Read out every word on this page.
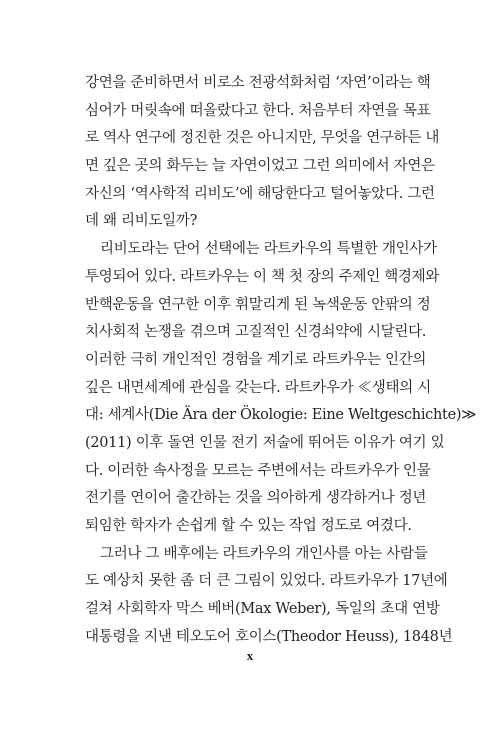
강연을 준비하면서 비로소 전광석화처럼 ‘자연’이라는 핵
심어가 머릿속에 떠올랐다고 한다. 처음부터 자연을 목표
로 역사 연구에 정진한 것은 아니지만, 무엇을 연구하든 내
면 깊은 곳의 화두는 늘 자연이었고 그런 의미에서 자연은
자신의 ‘역사학적 리비도’에 해당한다고 털어놓았다. 그런
데 왜 리비도일까?
리비도라는 단어 선택에는 라트카우의 특별한 개인사가
투영되어 있다. 라트카우는 이 책 첫 장의 주제인 핵경제와
반핵운동을 연구한 이후 휘말리게 된 녹색운동 안팎의 정
치사회적 논쟁을 겪으며 고질적인 신경쇠약에 시달린다.
이러한 극히 개인적인 경험을 계기로 라트카우는 인간의
깊은 내면세계에 관심을 갖는다. 라트카우가 ≪생태의 시
대: 세계사(Die Ära der Ökologie: Eine Weltgeschichte)≫
(2011) 이후 돌연 인물 전기 저술에 뛰어든 이유가 여기 있
다. 이러한 속사정을 모르는 주변에서는 라트카우가 인물
전기를 연이어 출간하는 것을 의아하게 생각하거나 정년
퇴임한 학자가 손쉽게 할 수 있는 작업 정도로 여겼다.
그러나 그 배후에는 라트카우의 개인사를 아는 사람들
도 예상치 못한 좀 더 큰 그림이 있었다. 라트카우가 17년에
걸쳐 사회학자 막스 베버(Max Weber), 독일의 초대 연방
대통령을 지낸 테오도어 호이스(Theodor Heuss), 1848년
x
